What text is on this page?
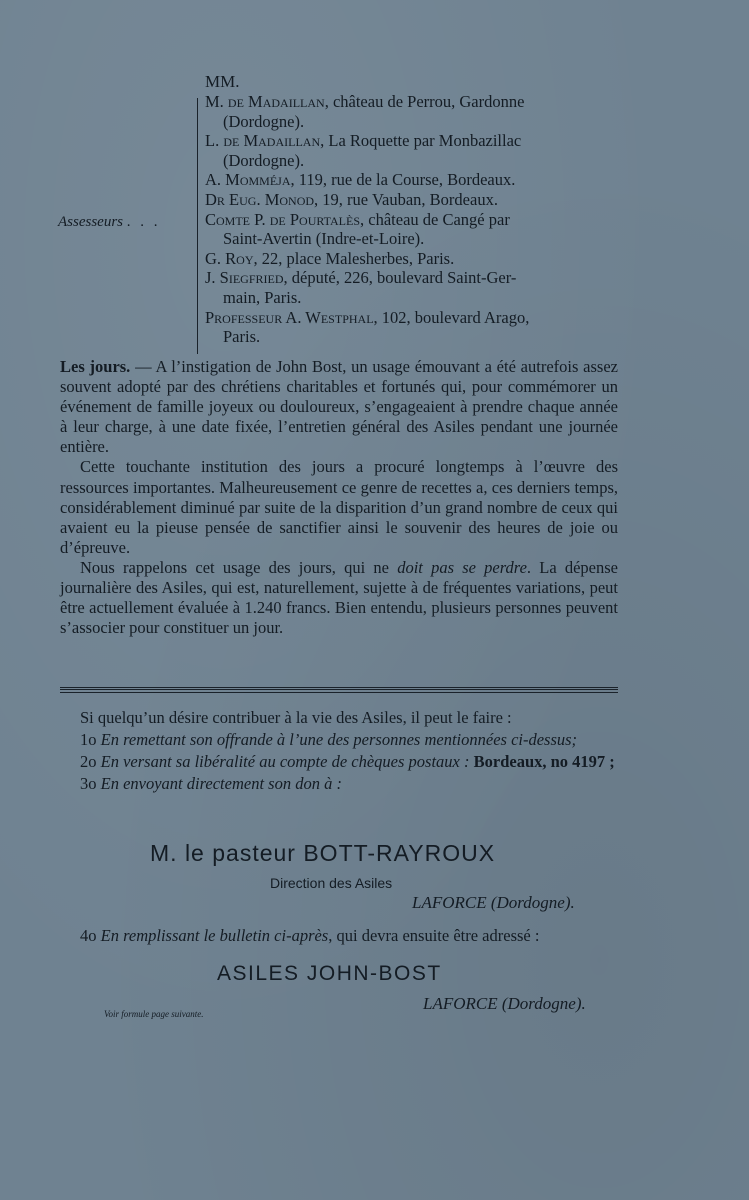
MM.
Assesseurs . . .
M. de Madaillan, château de Perrou, Gardonne
(Dordogne).
L. de Madaillan, La Roquette par Monbazillac
(Dordogne).
A. Momméja, 119, rue de la Course, Bordeaux.
Dr Eug. Monod, 19, rue Vauban, Bordeaux.
Comte P. de Pourtalès, château de Cangé par
Saint-Avertin (Indre-et-Loire).
G. Roy, 22, place Malesherbes, Paris.
J. Siegfried, député, 226, boulevard Saint-Ger-
main, Paris.
Professeur A. Westphal, 102, boulevard Arago,
Paris.

Les jours. — A l’instigation de John Bost, un usage émouvant a été autrefois assez souvent adopté par des chrétiens charitables et fortunés qui, pour commémorer un événement de famille joyeux ou douloureux, s’engageaient à prendre chaque année à leur charge, à une date fixée, l’entretien général des Asiles pendant une journée entière.

Cette touchante institution des jours a procuré longtemps à l’œuvre des ressources importantes. Malheureusement ce genre de recettes a, ces derniers temps, considérablement diminué par suite de la disparition d’un grand nombre de ceux qui avaient eu la pieuse pensée de sanctifier ainsi le souvenir des heures de joie ou d’épreuve.

Nous rappelons cet usage des jours, qui ne doit pas se perdre. La dépense journalière des Asiles, qui est, naturellement, sujette à de fréquentes variations, peut être actuellement évaluée à 1.240 francs. Bien entendu, plusieurs personnes peuvent s’associer pour constituer un jour.

Si quelqu’un désire contribuer à la vie des Asiles, il peut le faire :

1o En remettant son offrande à l’une des personnes mentionnées ci-dessus;

2o En versant sa libéralité au compte de chèques postaux : Bordeaux, no 4197 ;

3o En envoyant directement son don à :

M. le pasteur BOTT-RAYROUX
Direction des Asiles
LAFORCE (Dordogne).

4o En remplissant le bulletin ci-après, qui devra ensuite être adressé :

ASILES JOHN-BOST
LAFORCE (Dordogne).
Voir formule page suivante.
